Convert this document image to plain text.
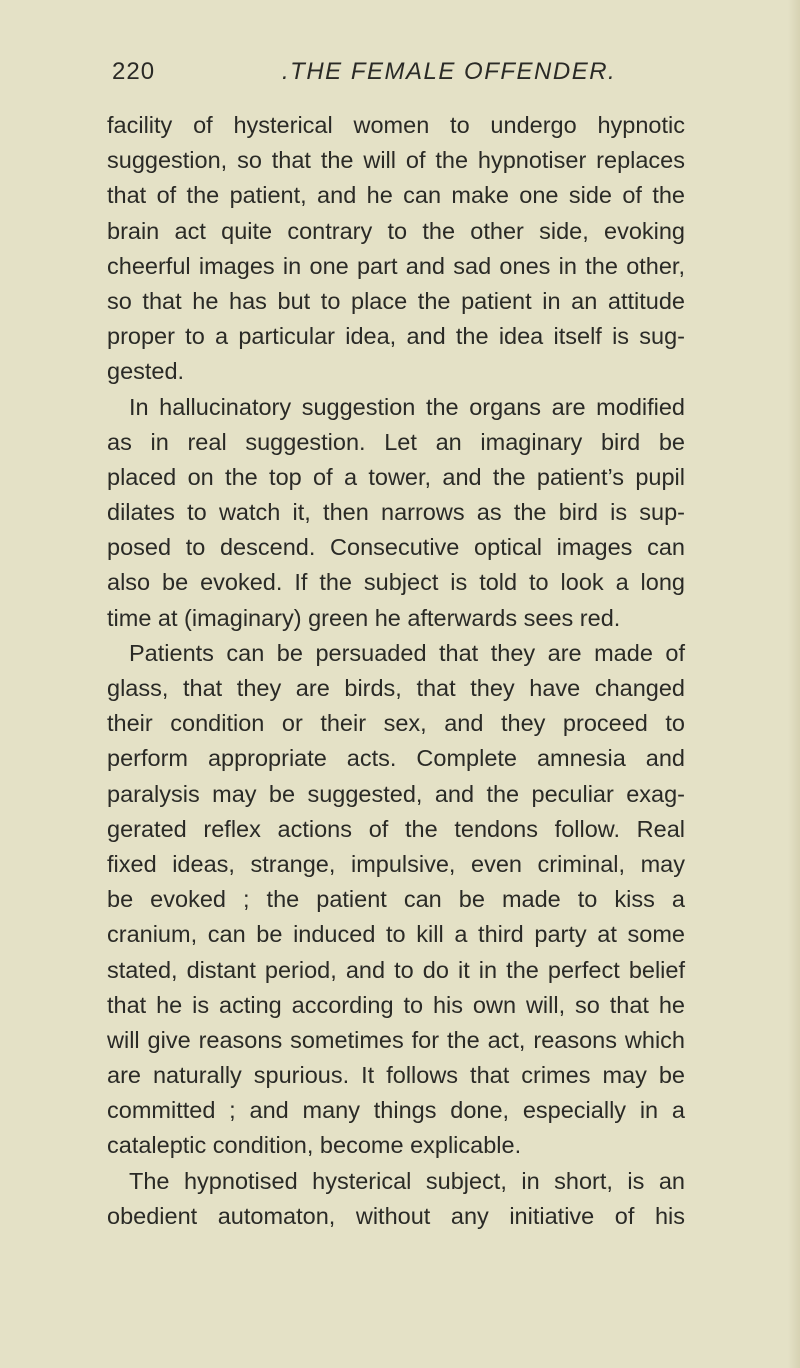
220	.THE FEMALE OFFENDER.
facility of hysterical women to undergo hypnotic
suggestion, so that the will of the hypnotiser replaces
that of the patient, and he can make one side of the
brain act quite contrary to the other side, evoking
cheerful images in one part and sad ones in the other,
so that he has but to place the patient in an attitude
proper to a particular idea, and the idea itself is sug-
gested.
In hallucinatory suggestion the organs are modified
as in real suggestion. Let an imaginary bird be
placed on the top of a tower, and the patient’s pupil
dilates to watch it, then narrows as the bird is sup-
posed to descend. Consecutive optical images can
also be evoked. If the subject is told to look a long
time at (imaginary) green he afterwards sees red.
Patients can be persuaded that they are made of
glass, that they are birds, that they have changed
their condition or their sex, and they proceed to
perform appropriate acts. Complete amnesia and
paralysis may be suggested, and the peculiar exag-
gerated reflex actions of the tendons follow. Real
fixed ideas, strange, impulsive, even criminal, may
be evoked ; the patient can be made to kiss a
cranium, can be induced to kill a third party at some
stated, distant period, and to do it in the perfect belief
that he is acting according to his own will, so that he
will give reasons sometimes for the act, reasons which
are naturally spurious. It follows that crimes may be
committed ; and many things done, especially in a
cataleptic condition, become explicable.
The hypnotised hysterical subject, in short, is an
obedient automaton, without any initiative of his
